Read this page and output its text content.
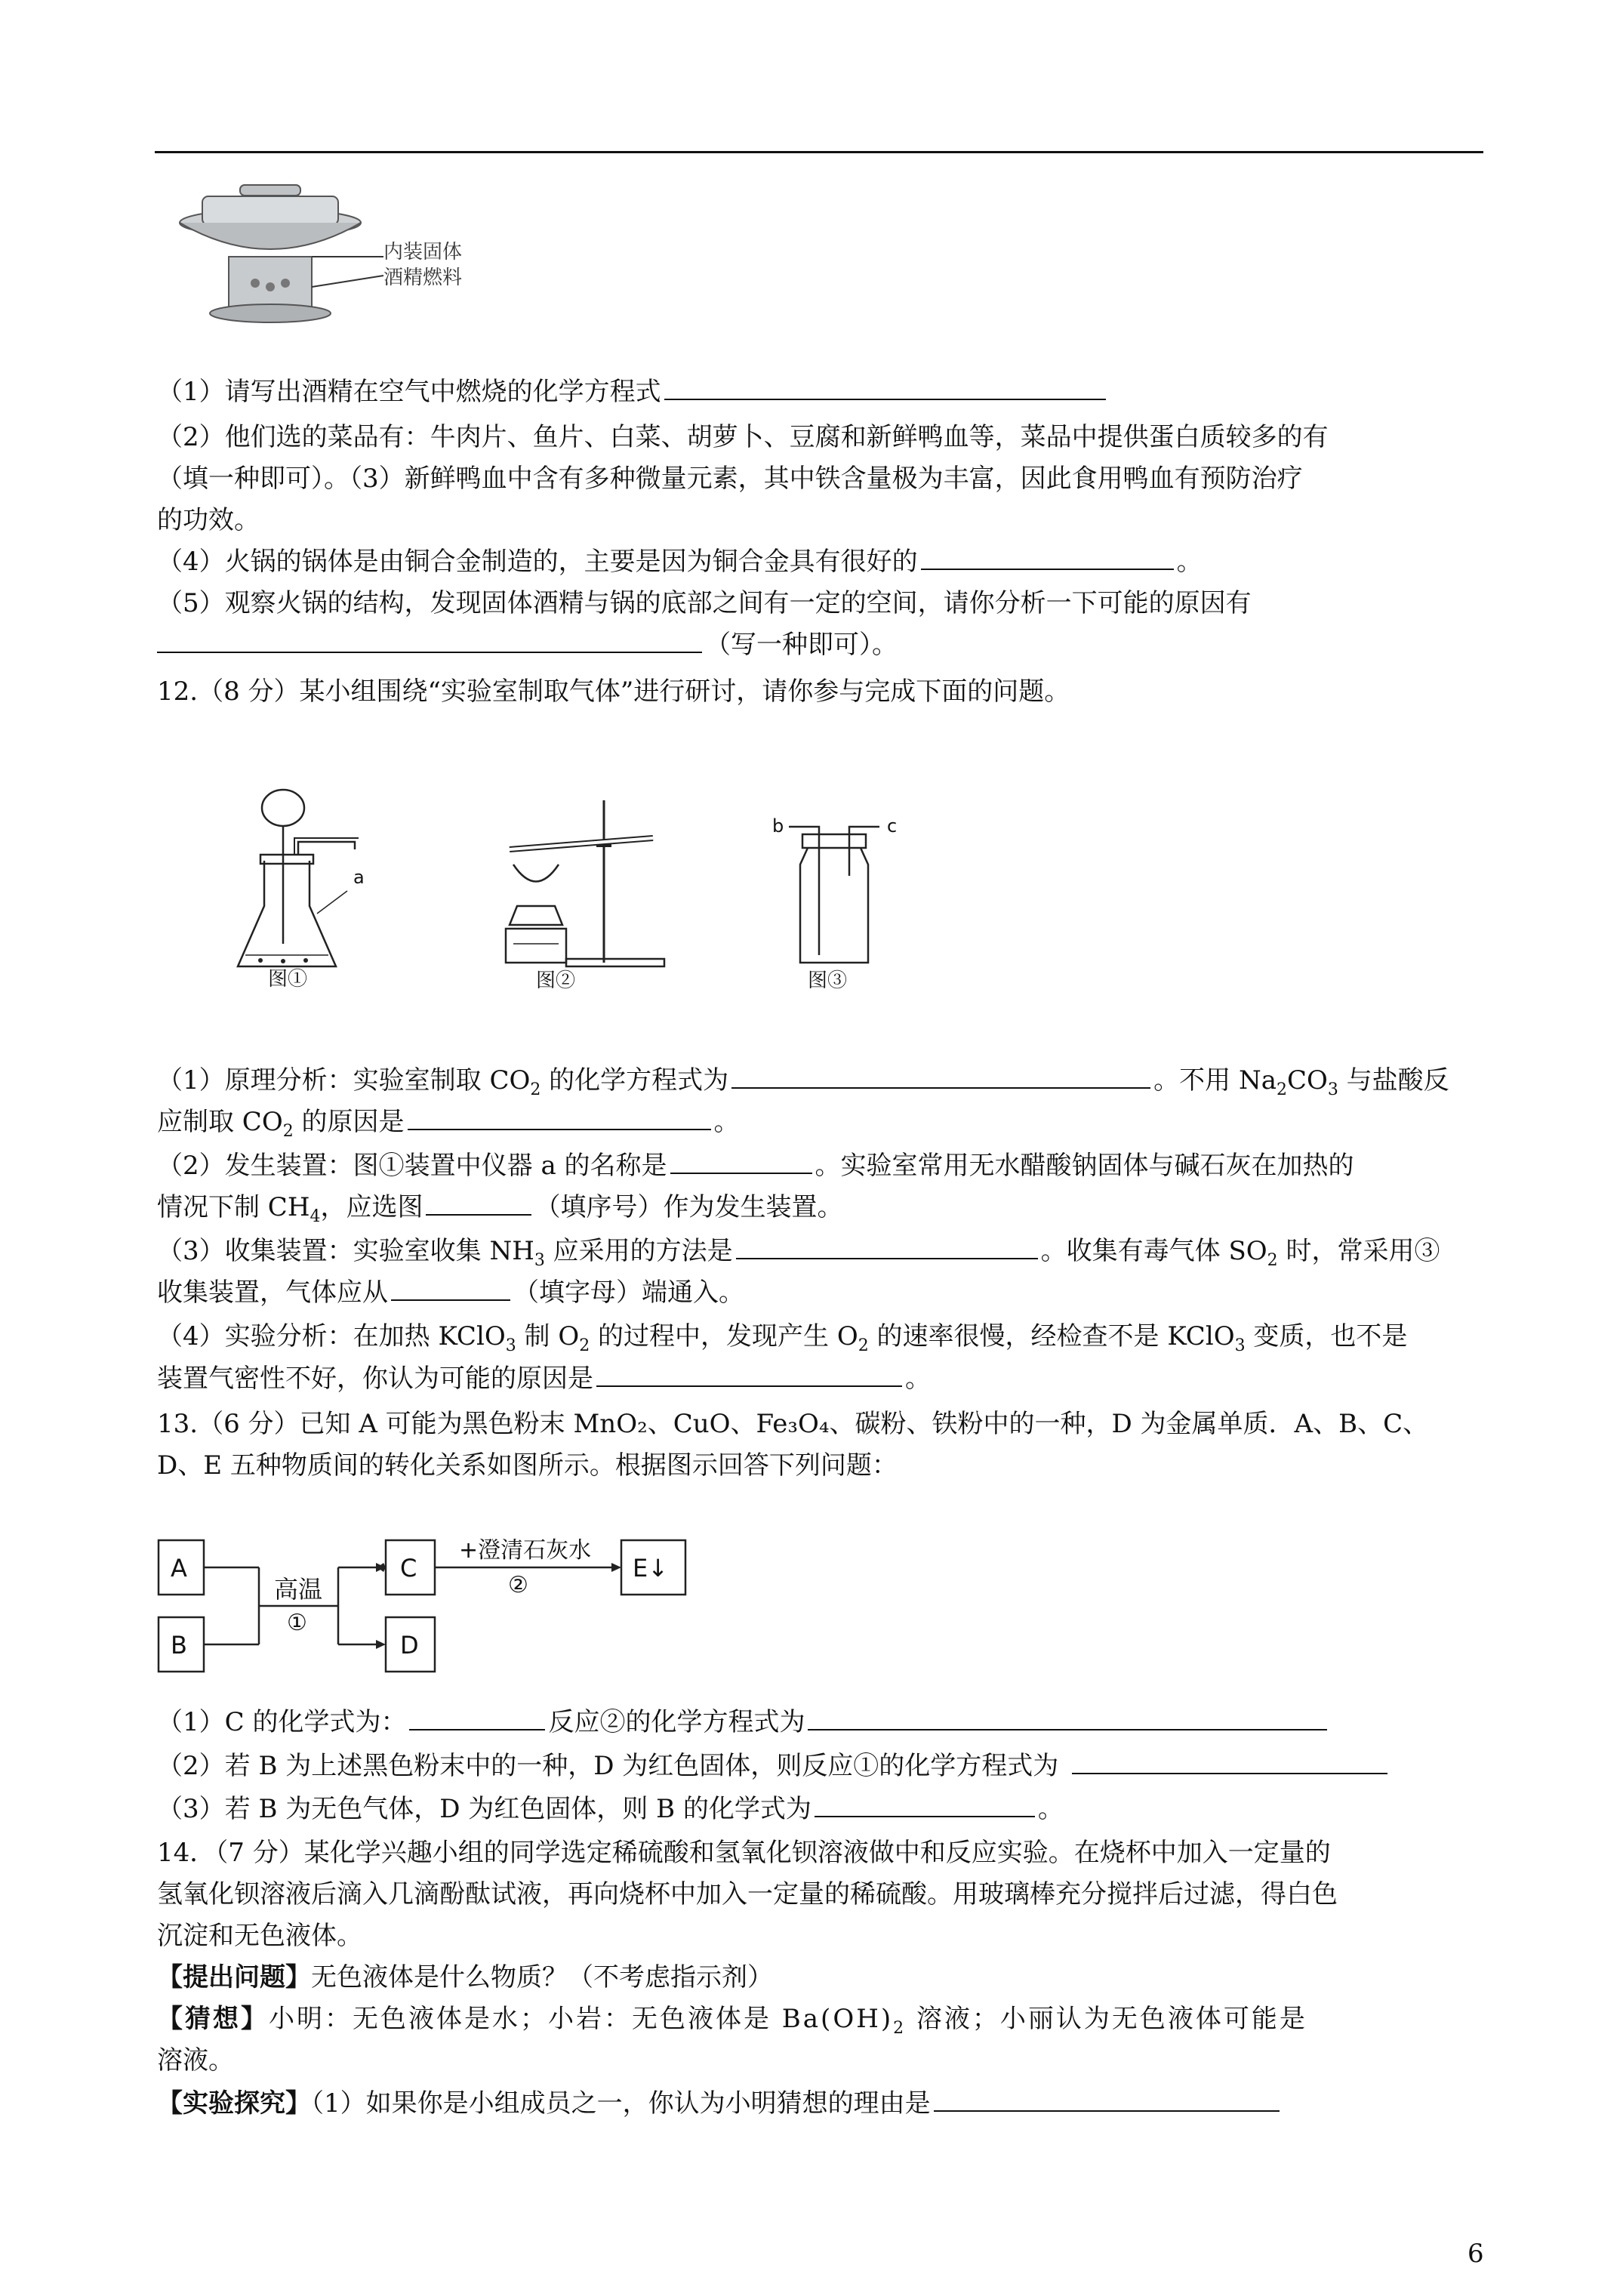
内装固体
酒精燃料
（1）请写出酒精在空气中燃烧的化学方程式
（2）他们选的菜品有：牛肉片、鱼片、白菜、胡萝卜、豆腐和新鲜鸭血等，菜品中提供蛋白质较多的有
（填一种即可）。（3）新鲜鸭血中含有多种微量元素，其中铁含量极为丰富，因此食用鸭血有预防治疗
的功效。
（4）火锅的锅体是由铜合金制造的，主要是因为铜合金具有很好的	。
（5）观察火锅的结构，发现固体酒精与锅的底部之间有一定的空间，请你分析一下可能的原因有
（写一种即可）。
12.（8 分）某小组围绕“实验室制取气体”进行研讨，请你参与完成下面的问题。
a
图①	图②
b	c
图③
（1）原理分析：实验室制取 $CO_2$ 的化学方程式为	。不用 $Na_2CO_3$ 与盐酸反
应制取 $CO_2$ 的原因是	。
（2）发生装置：图①装置中仪器 a 的名称是	。实验室常用无水醋酸钠固体与碱石灰在加热的
情况下制 $CH_4$，应选图	（填序号）作为发生装置。
（3）收集装置：实验室收集 $NH_3$ 应采用的方法是	。收集有毒气体 $SO_2$ 时，常采用③
收集装置，气体应从	（填字母）端通入。
（4）实验分析：在加热 KClO$_3$ 制 $O_2$ 的过程中，发现产生 $O_2$ 的速率很慢，经检查不是 KClO$_3$ 变质，也不是
装置气密性不好，你认为可能的原因是	。
13.（6 分）已知 A 可能为黑色粉末 MnO₂、CuO、Fe₃O₄、碳粉、铁粉中的一种，D 为金属单质．A、B、C、
D、E 五种物质间的转化关系如图所示。根据图示回答下列问题：
A
B
C
D
E↓
高温
①
+澄清石灰水
②
（1）C 的化学式为：	反应②的化学方程式为
（2）若 B 为上述黑色粉末中的一种，D 为红色固体，则反应①的化学方程式为
（3）若 B 为无色气体，D 为红色固体，则 B 的化学式为	。
14．（7 分）某化学兴趣小组的同学选定稀硫酸和氢氧化钡溶液做中和反应实验。在烧杯中加入一定量的
氢氧化钡溶液后滴入几滴酚酞试液，再向烧杯中加入一定量的稀硫酸。用玻璃棒充分搅拌后过滤，得白色
沉淀和无色液体。
【提出问题】无色液体是什么物质？（不考虑指示剂）
【猜想】小明：无色液体是水；小岩：无色液体是 $Ba(OH)_2$ 溶液；小丽认为无色液体可能是
溶液。
【实验探究】（1）如果你是小组成员之一，你认为小明猜想的理由是
6
